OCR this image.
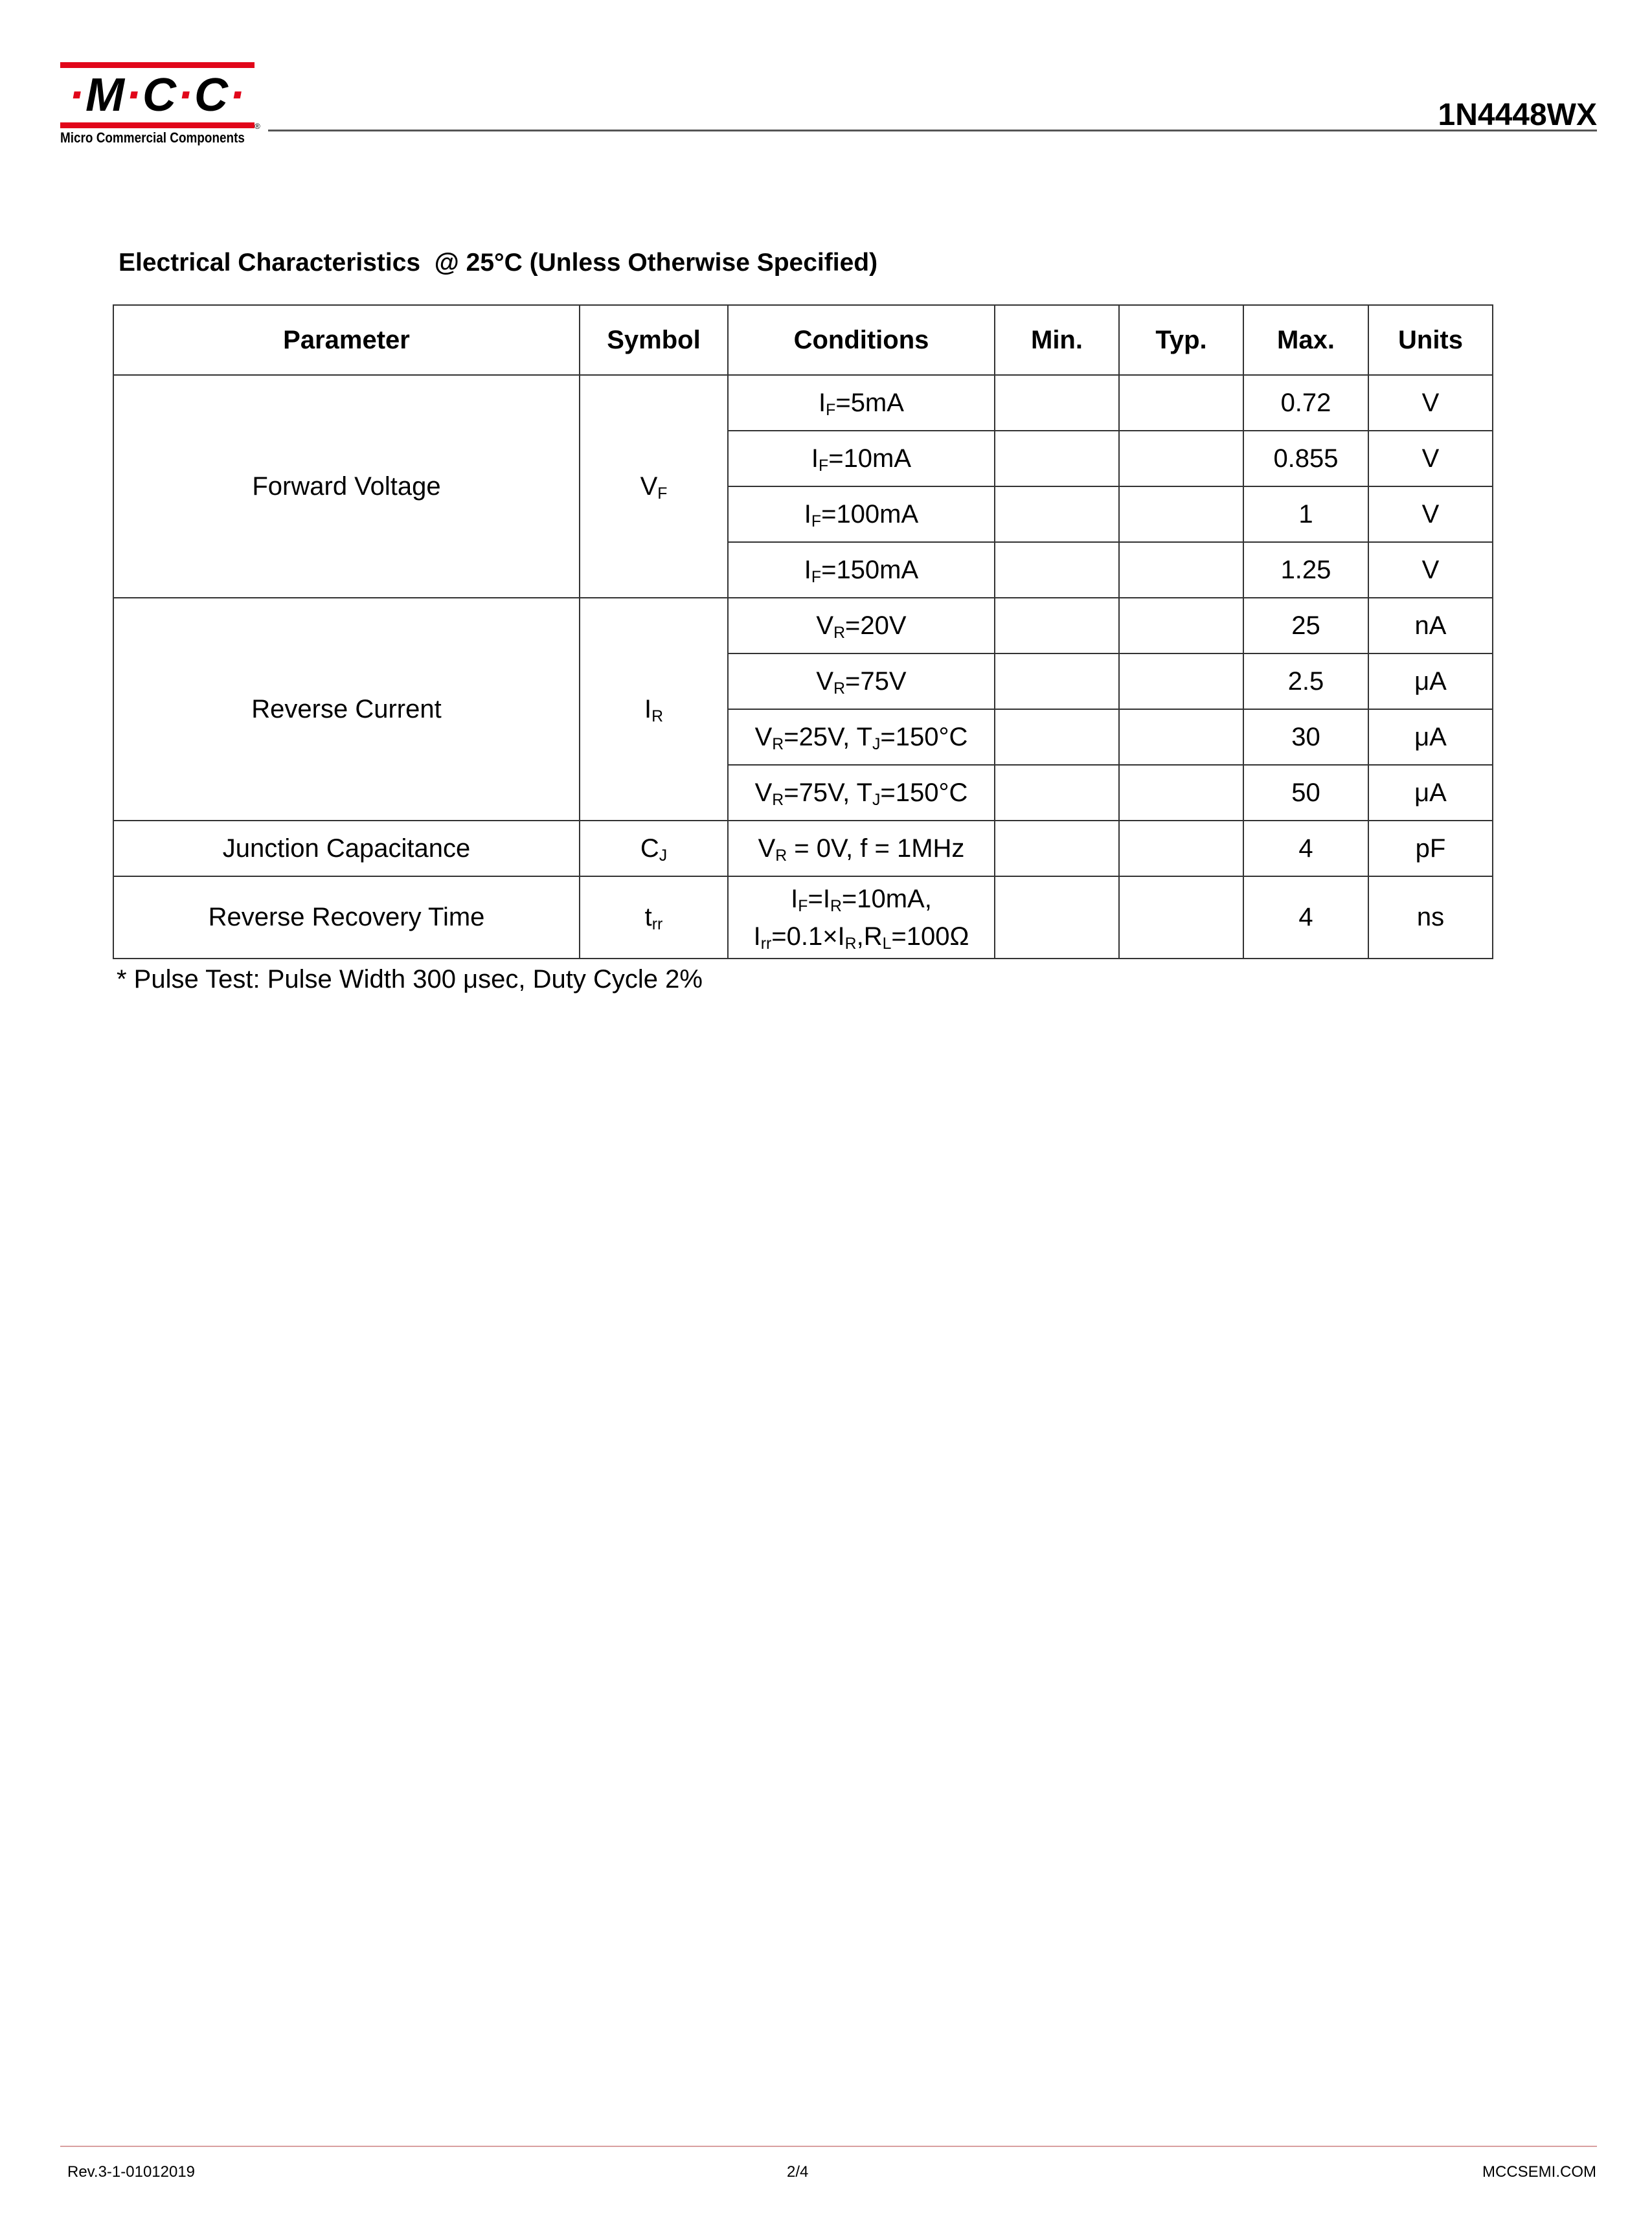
·M·C·C·
®
Micro Commercial Components
1N4448WX
Electrical Characteristics  @ 25°C (Unless Otherwise Specified)
Parameter	Symbol	Conditions	Min.	Typ.	Max.	Units
Forward Voltage	$V_F$	$I_F=5mA$			0.72	V
		$I_F=10mA$			0.855	V
		$I_F=100mA$			1	V
		$I_F=150mA$			1.25	V
Reverse Current	$I_R$	$V_R=20V$			25	nA
		$V_R=75V$			2.5	μA
		$V_R=25V$, $T_J=150^\circ C$			30	μA
		$V_R=75V$, $T_J=150^\circ C$			50	μA
Junction Capacitance	$C_J$	$V_R = 0V$, f = 1MHz			4	pF
Reverse Recovery Time	$t_{rr}$	$I_F=I_R=10mA$,
$I_{rr}=0.1\times I_R,R_L=100\Omega$			4	ns
* Pulse Test: Pulse Width 300 μsec, Duty Cycle 2%
Rev.3-1-01012019	2/4	MCCSEMI.COM
